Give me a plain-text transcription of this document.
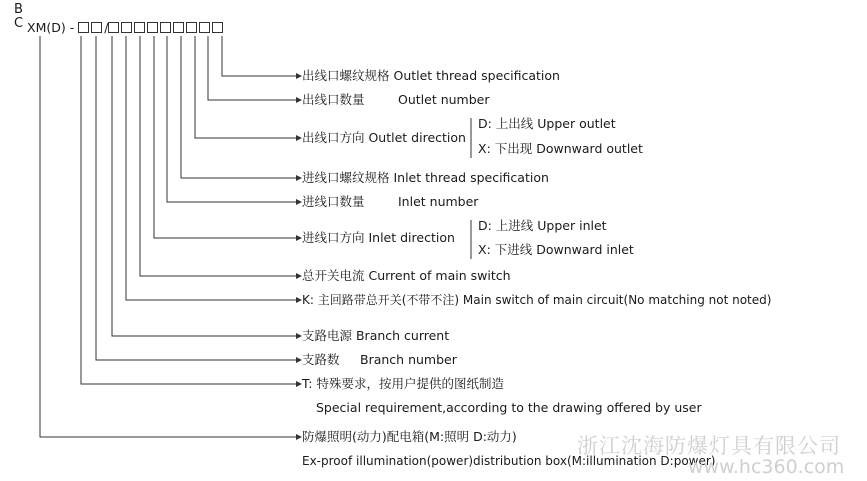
B
C XM(D) - /
出线口螺纹规格 Outlet thread specification
出线口数量	Outlet number
出线口方向 Outlet direction
D: 上出线 Upper outlet
X: 下出现 Downward outlet
进线口螺纹规格 Inlet thread specification
进线口数量	Inlet number
进线口方向 Inlet direction
D: 上进线 Upper inlet
X: 下进线 Downward inlet
总开关电流 Current of main switch
K: 主回路带总开关(不带不注) Main switch of main circuit(No matching not noted)
支路电源 Branch current
支路数 Branch number
T: 特殊要求，按用户提供的图纸制造
Special requirement,according to the drawing offered by user
防爆照明(动力)配电箱(M:照明 D:动力)
Ex-proof illumination(power)distribution box(M:illumination D:power)
浙江沈海防爆灯具有限公司
www.hc360.com
